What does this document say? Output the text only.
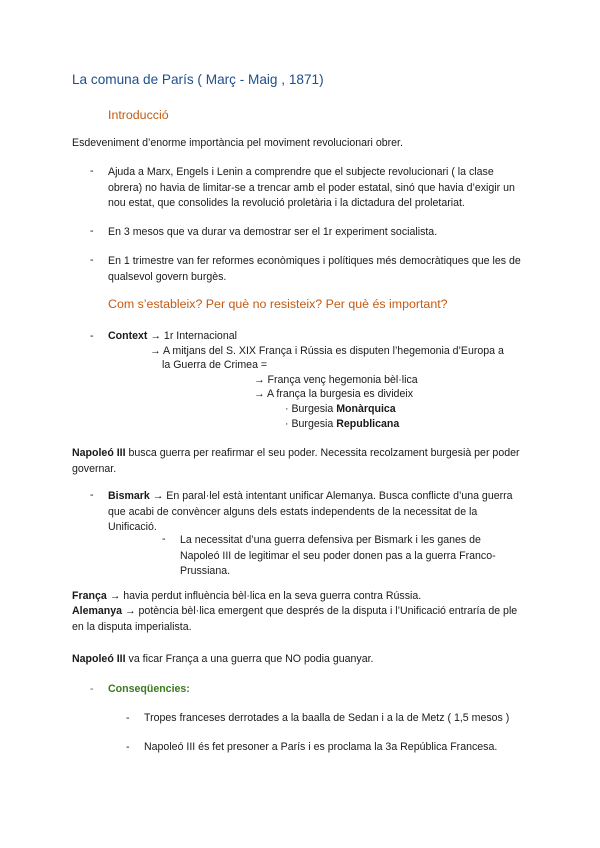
La comuna de París ( Març - Maig , 1871)
Introducció
Esdeveniment d’enorme importància pel moviment revolucionari obrer.
- Ajuda a Marx, Engels i Lenin a comprendre que el subjecte revolucionari ( la clase obrera) no havia de limitar-se a trencar amb el poder estatal, sinó que havia d’exigir un nou estat, que consolides la revolució proletària i la dictadura del proletariat.
- En 3 mesos que va durar va demostrar ser el 1r experiment socialista.
- En 1 trimestre van fer reformes econòmiques i polítiques més democràtiques que les de qualsevol govern burgès.
Com s’estableix? Per què no resisteix? Per què és important?
- Context → 1r Internacional
→ A mitjans del S. XIX França i Rússia es disputen l’hegemonia d’Europa a
la Guerra de Crimea =
→ França venç hegemonia bèl·lica
→ A frança la burgesia es divideix
· Burgesia Monàrquica
· Burgesia Republicana
Napoleó III busca guerra per reafirmar el seu poder. Necessita recolzament burgesià per poder governar.
- Bismark → En paral·lel està intentant unificar Alemanya. Busca conflicte d’una guerra que acabi de convèncer alguns dels estats independents de la necessitat de la Unificació.
- La necessitat d’una guerra defensiva per Bismark i les ganes de Napoleó III de legitimar el seu poder donen pas a la guerra Franco-Prussiana.
França → havia perdut influència bèl·lica en la seva guerra contra Rússia.
Alemanya → potència bèl·lica emergent que després de la disputa i l’Unificació entraría de ple en la disputa imperialista.
Napoleó III va ficar França a una guerra que NO podia guanyar.
- Conseqüencies:
- Tropes franceses derrotades a la baalla de Sedan i a la de Metz ( 1,5 mesos )
- Napoleó III és fet presoner a París i es proclama la 3a República Francesa.
